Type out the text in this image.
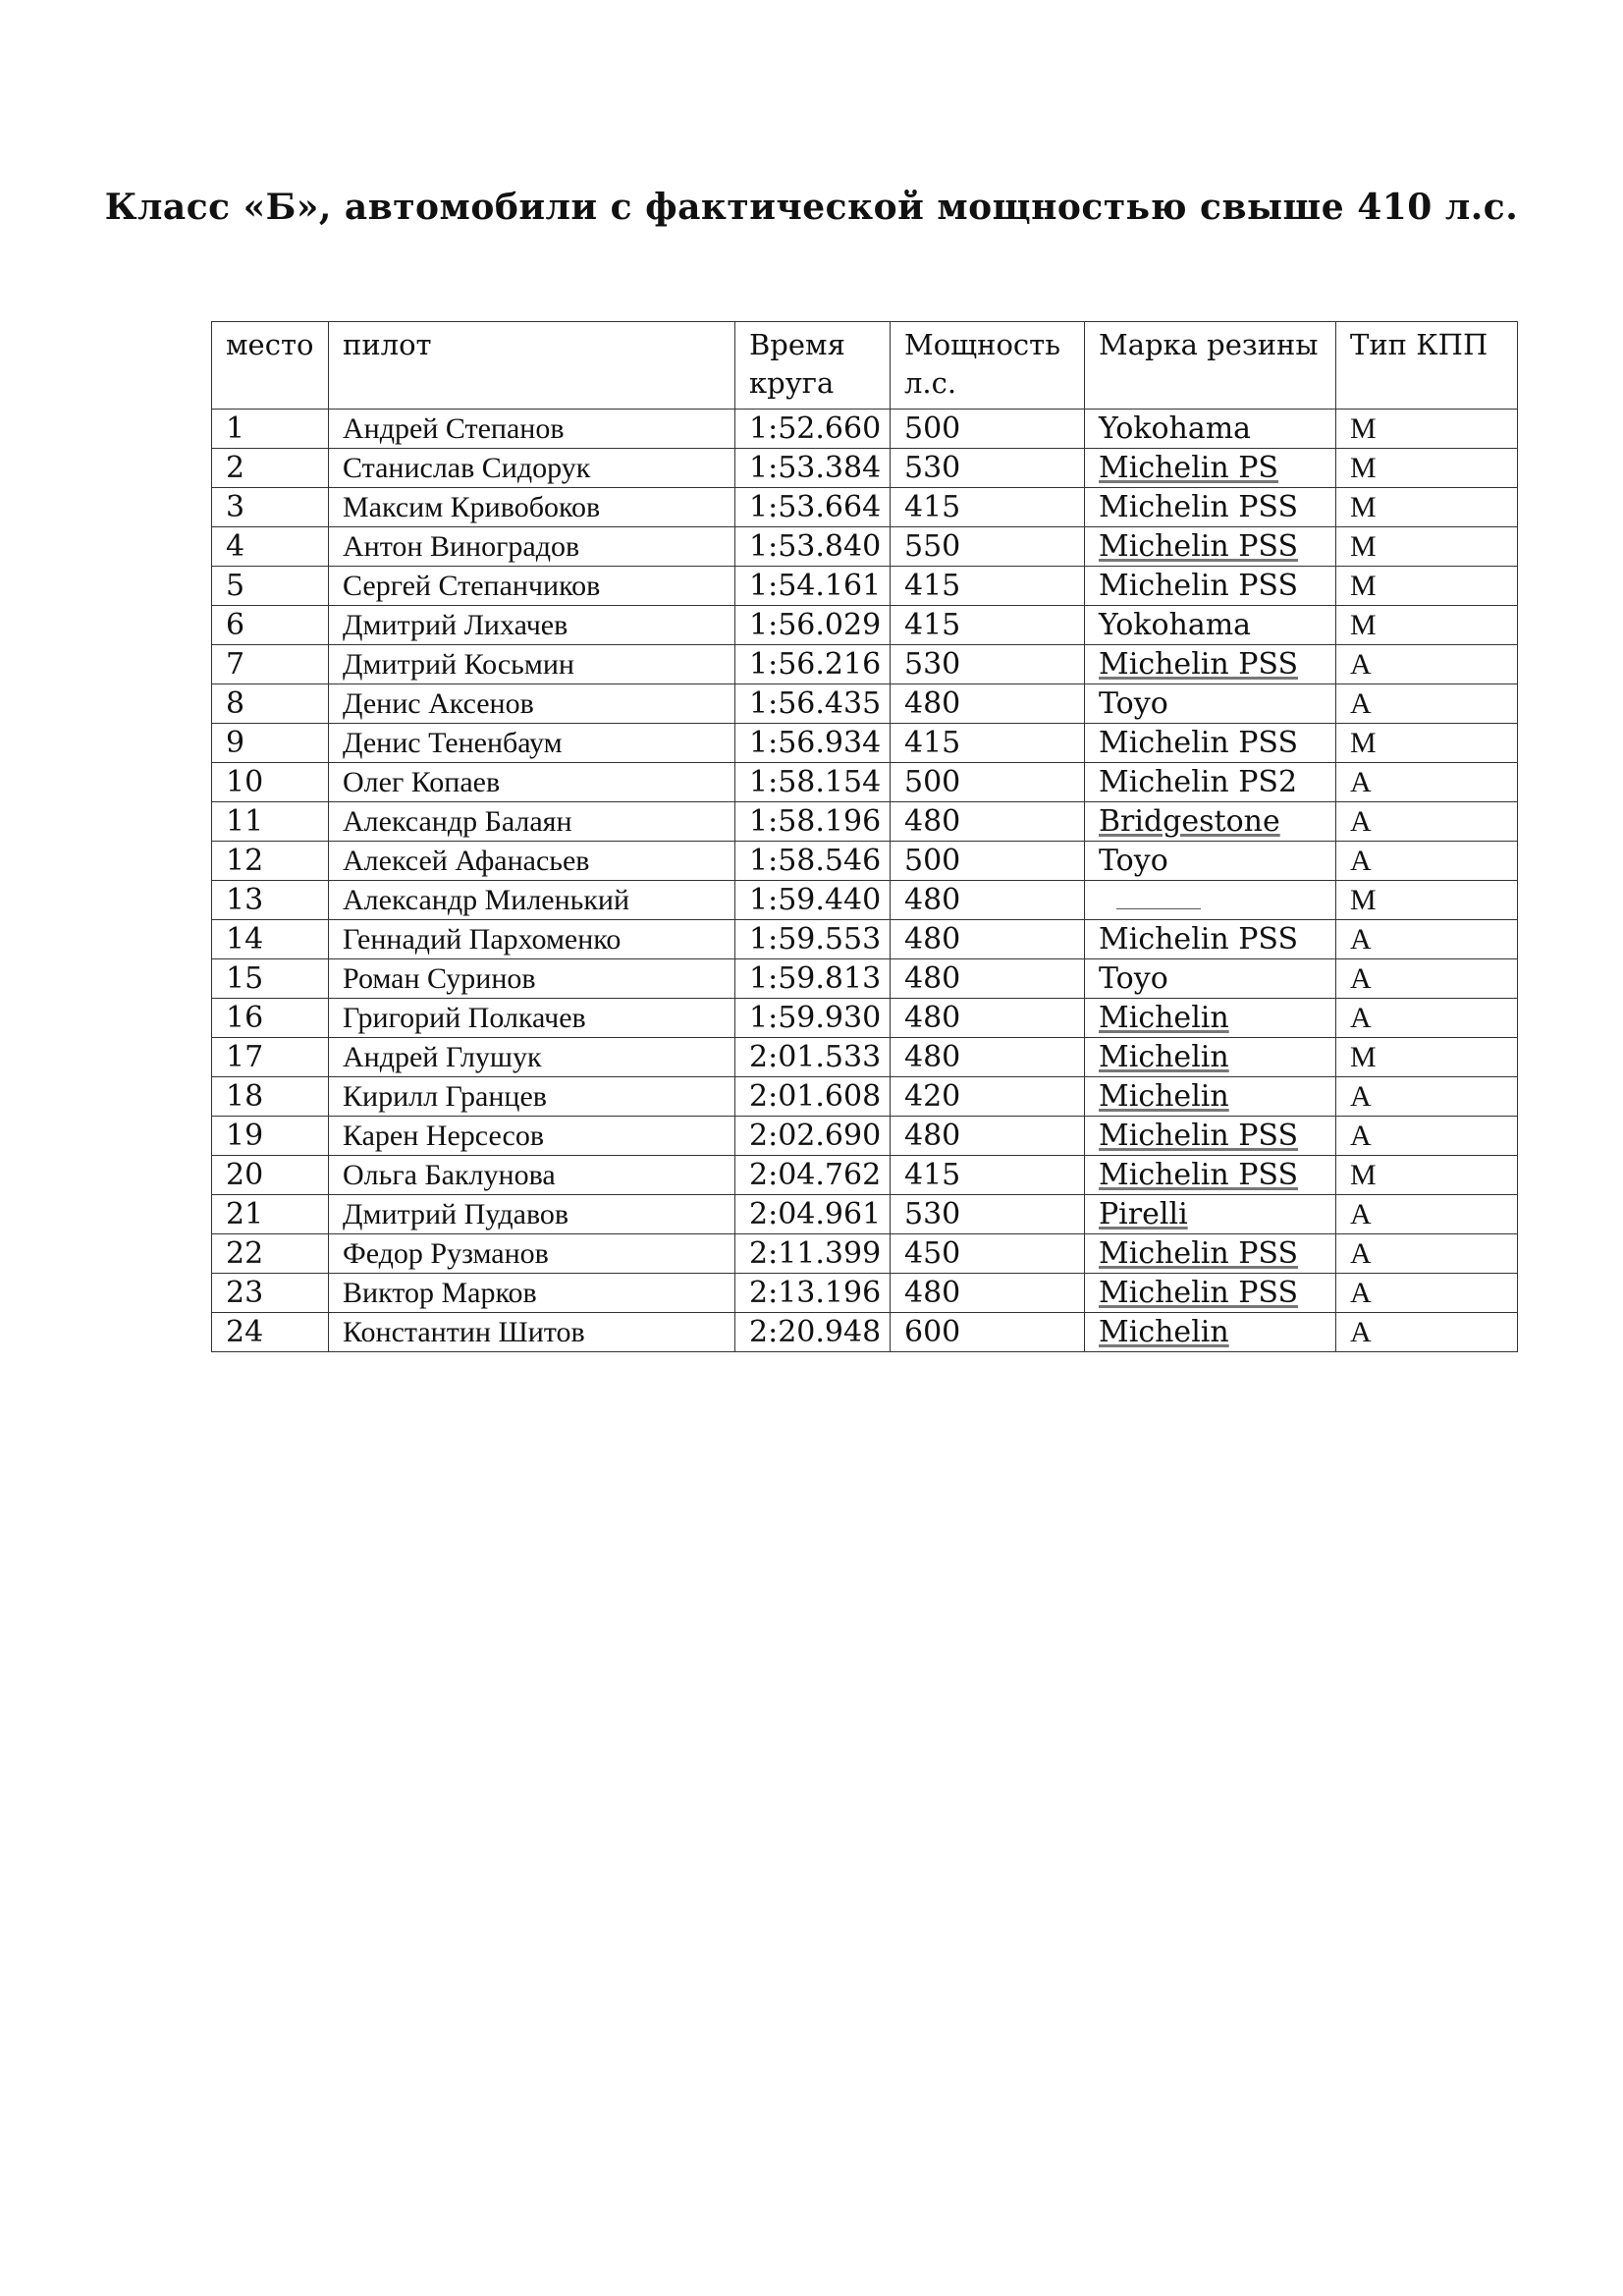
Класс «Б», автомобили с фактической мощностью свыше 410 л.с.
место	пилот	Время круга	Мощность л.с.	Марка резины	Тип КПП
1	Андрей Степанов	1:52.660	500	Yokohama	М
2	Станислав Сидорук	1:53.384	530	Michelin PS	М
3	Максим Кривобоков	1:53.664	415	Michelin PSS	М
4	Антон Виноградов	1:53.840	550	Michelin PSS	М
5	Сергей Степанчиков	1:54.161	415	Michelin PSS	М
6	Дмитрий Лихачев	1:56.029	415	Yokohama	М
7	Дмитрий Косьмин	1:56.216	530	Michelin PSS	А
8	Денис Аксенов	1:56.435	480	Toyo	А
9	Денис Тененбаум	1:56.934	415	Michelin PSS	М
10	Олег Копаев	1:58.154	500	Michelin PS2	А
11	Александр Балаян	1:58.196	480	Bridgestone	А
12	Алексей Афанасьев	1:58.546	500	Toyo	А
13	Александр Миленький	1:59.440	480		М
14	Геннадий Пархоменко	1:59.553	480	Michelin PSS	А
15	Роман Суринов	1:59.813	480	Toyo	А
16	Григорий Полкачев	1:59.930	480	Michelin	А
17	Андрей Глушук	2:01.533	480	Michelin	М
18	Кирилл Гранцев	2:01.608	420	Michelin	А
19	Карен Нерсесов	2:02.690	480	Michelin PSS	А
20	Ольга Баклунова	2:04.762	415	Michelin PSS	М
21	Дмитрий Пудавов	2:04.961	530	Pirelli	А
22	Федор Рузманов	2:11.399	450	Michelin PSS	А
23	Виктор Марков	2:13.196	480	Michelin PSS	А
24	Константин Шитов	2:20.948	600	Michelin	А
